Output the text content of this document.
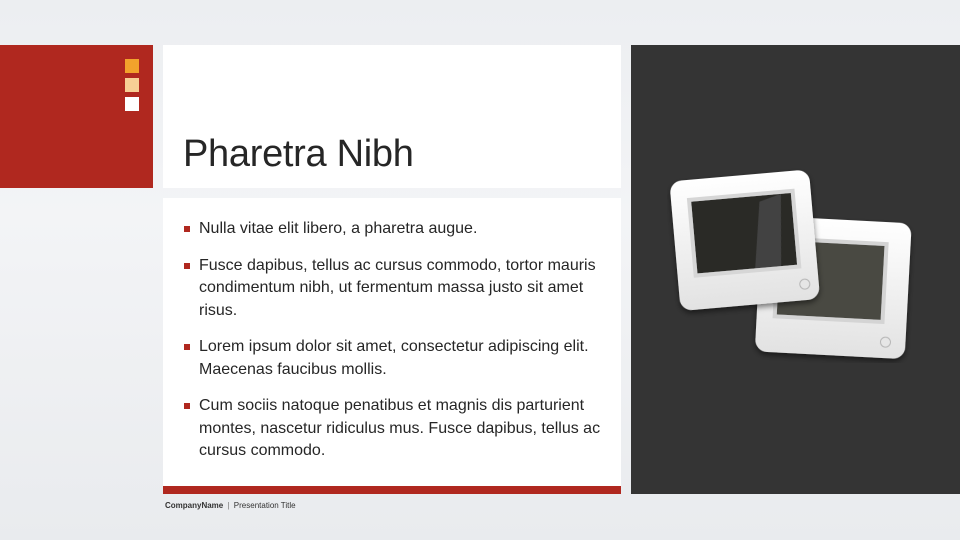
Pharetra Nibh
Nulla vitae elit libero, a pharetra augue.
Fusce dapibus, tellus ac cursus commodo, tortor mauris condimentum nibh, ut fermentum massa justo sit amet risus.
Lorem ipsum dolor sit amet, consectetur adipiscing elit. Maecenas faucibus mollis.
Cum sociis natoque penatibus et magnis dis parturient montes, nascetur ridiculus mus. Fusce dapibus, tellus ac cursus commodo.
CompanyName | Presentation Title
